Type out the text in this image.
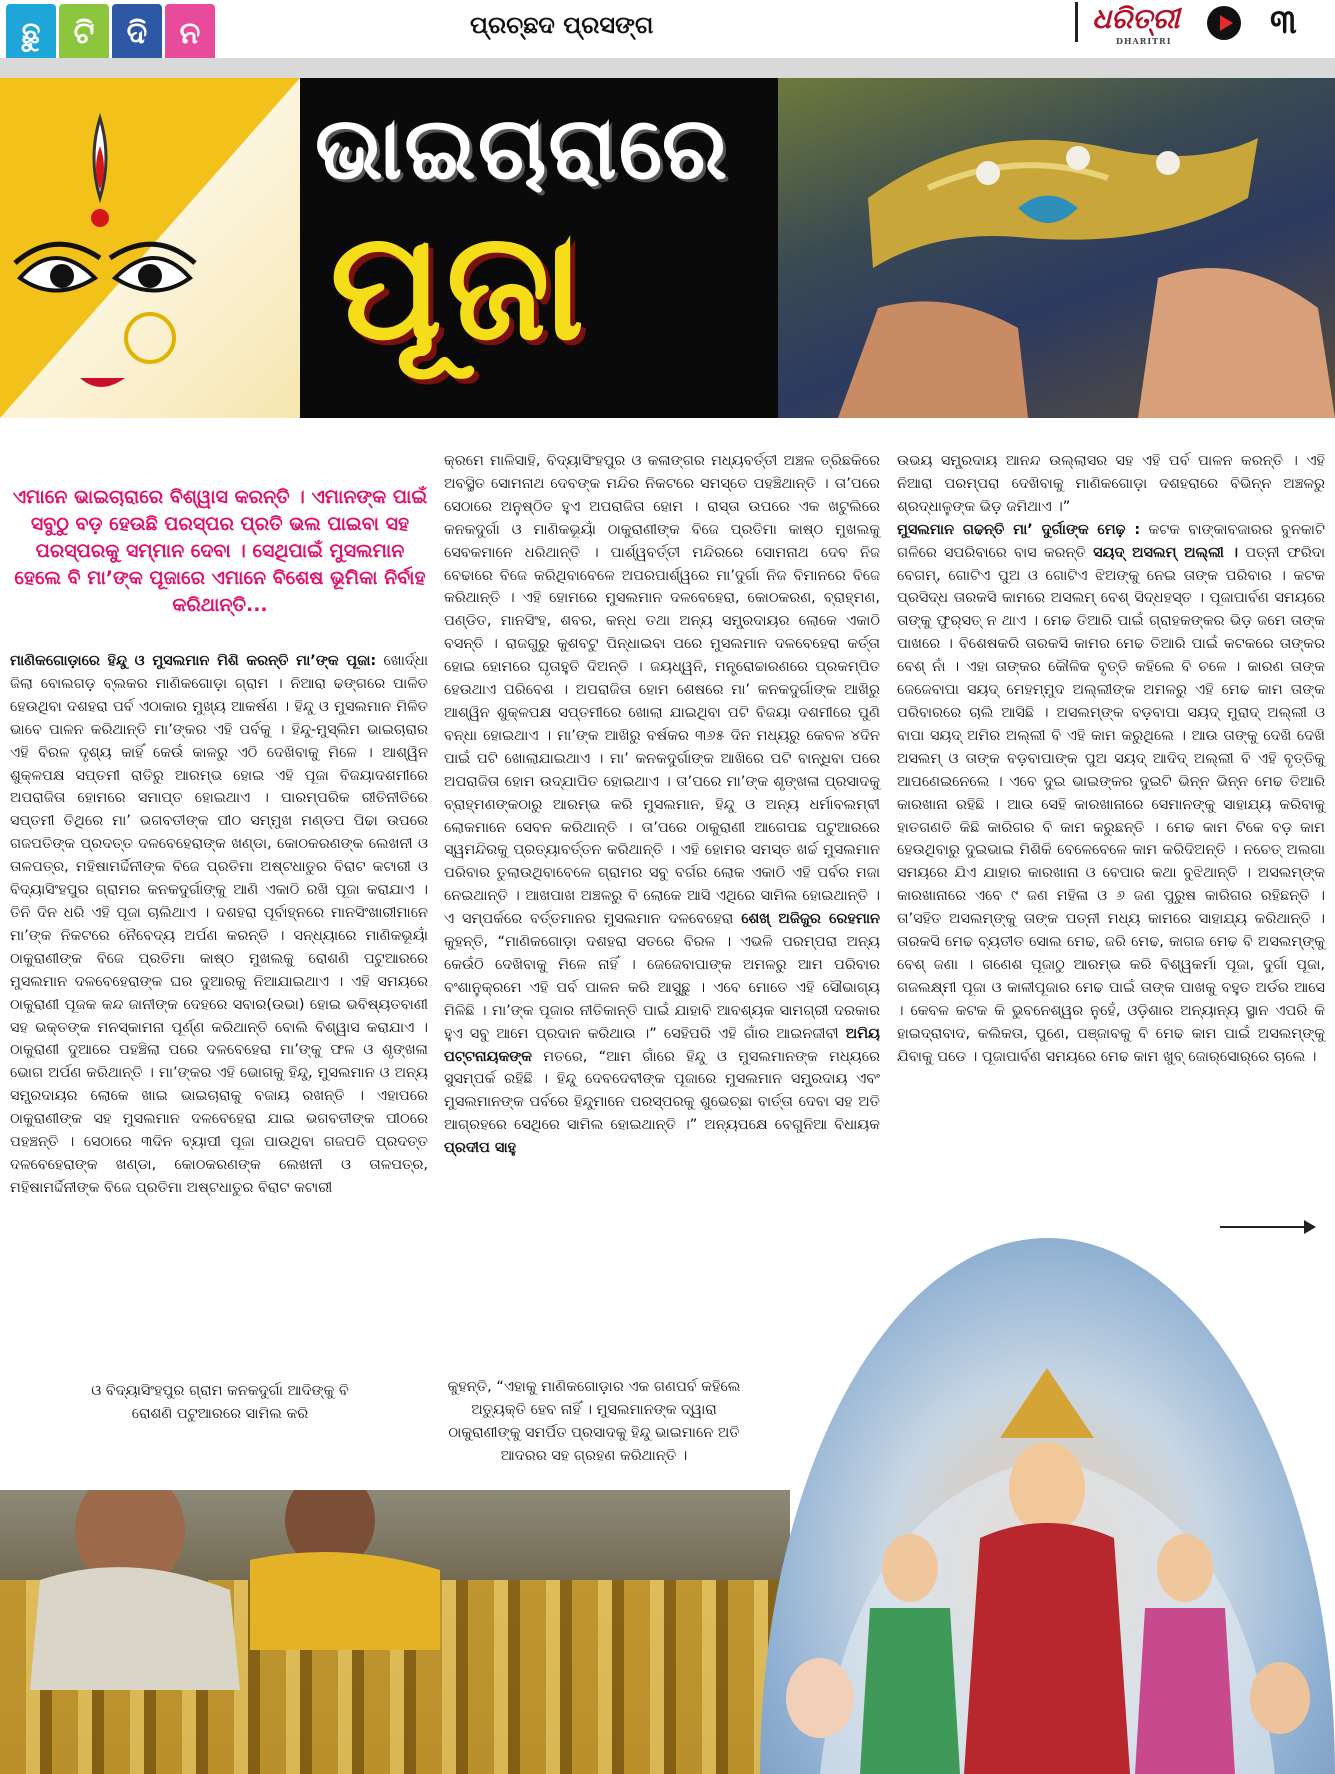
ଛୁ	ଟି	ଦି	ନ	ପ୍ରଚ୍ଛଦ ପ୍ରସଙ୍ଗ	ଧରିତ୍ରୀ
DHARITRI	୩
ଭାଇଚାରାରେ
ପୂଜା
ଏମାନେ ଭାଇଚାରାରେ ବିଶ୍ୱାସ କରନ୍ତି । ଏମାନଙ୍କ ପାଇଁ ସବୁଠୁ ବଡ଼ ହେଉଛି ପରସ୍ପର ପ୍ରତି ଭଲ ପାଇବା ସହ ପରସ୍ପରକୁ ସମ୍ମାନ ଦେବା । ସେଥିପାଇଁ ମୁସଲମାନ ହେଲେ ବି ମା’ଙ୍କ ପୂଜାରେ ଏମାନେ ବିଶେଷ ଭୂମିକା ନିର୍ବାହ କରିଥାନ୍ତି...

ମାଣିକଗୋଡ଼ାରେ ହିନ୍ଦୁ ଓ ମୁସଲମାନ ମିଶି କରନ୍ତି ମା’ଙ୍କ ପୂଜା: ଖୋର୍ଦ୍ଧା ଜିଲା ବୋଲଗଡ଼ ବ୍ଲକର ମାଣିକଗୋଡ଼ା ଗ୍ରାମ । ନିଆରା ଢଙ୍ଗରେ ପାଳିତ ହେଉଥିବା ଦଶହରା ପର୍ବ ଏଠାକାର ମୁଖ୍ୟ ଆକର୍ଷଣ । ହିନ୍ଦୁ ଓ ମୁସଲମାନ ମିଳିତ ଭାବେ ପାଳନ କରିଥାନ୍ତି ମା’ଙ୍କର ଏହି ପର୍ବକୁ । ହିନ୍ଦୁ-ମୁସ୍‌ଲିମ ଭାଇଚାରାର ଏହି ବିରଳ ଦୃଶ୍ୟ କାହିଁ କେଉଁ କାଳରୁ ଏଠି ଦେଖିବାକୁ ମିଳେ । ଆଶ୍ୱିନ ଶୁକ୍ଳପକ୍ଷ ସପ୍ତମୀ ରାତିରୁ ଆରମ୍ଭ ହୋଇ ଏହି ପୂଜା ବିଜୟାଦଶମୀରେ ଅପରାଜିତା ହୋମରେ ସମାପ୍ତ ହୋଇଥାଏ । ପାରମ୍ପରିକ ରୀତିନୀତିରେ ସପ୍ତମୀ ତିଥିରେ ମା’ ଭଗବତୀଙ୍କ ପୀଠ ସମ୍ମୁଖ ମଣ୍ଡପ ପିଢା ଉପରେ ଗଜପତିଙ୍କ ପ୍ରଦତ୍ତ ଦଳବେହେରାଙ୍କ ଖଣ୍ଡା, କୋଠକରଣଙ୍କ ଲେଖନୀ ଓ ତାଳପତ୍ର, ମହିଷାମର୍ଦ୍ଦିନୀଙ୍କ ବିଜେ ପ୍ରତିମା ଅଷ୍ଟଧାତୁର ବିରାଟ କଟାରୀ ଓ ବିଦ୍ୟାସିଂହପୁର ଗ୍ରାମର କନକଦୁର୍ଗାଙ୍କୁ ଆଣି ଏକାଠି ରଖି ପୂଜା କରାଯାଏ । ତିନି ଦିନ ଧରି ଏହି ପୂଜା ଚାଲିଥାଏ । ଦଶହରା ପୂର୍ବାହ୍ନରେ ମାନସିଂଖାରୀମାନେ ମା’ଙ୍କ ନିକଟରେ ନୈବେଦ୍ୟ ଅର୍ପଣ କରନ୍ତି । ସନ୍ଧ୍ୟାରେ ମାଣିକଭୂୟାଁ ଠାକୁରାଣୀଙ୍କ ବିଜେ ପ୍ରତିମା କାଷ୍ଠ ମୁଖଲକୁ ରୋଶଣି ପଟୁଆରରେ ମୁସଲମାନ ଦଳବେହେରାଙ୍କ ଘର ଦୁଆରକୁ ନିଆଯାଇଥାଏ । ଏହି ସମୟରେ ଠାକୁରାଣୀ ପୂଜକ କନ୍ଦ ଜାନୀଙ୍କ ଦେହରେ ସବାର(ଉଭା) ହୋଇ ଭବିଷ୍ୟତବାଣୀ ସହ ଭକ୍ତଙ୍କ ମନସ୍କାମନା ପୂର୍ଣ୍ଣ କରିଥାନ୍ତି ବୋଲି ବିଶ୍ୱାସ କରାଯାଏ । ଠାକୁରାଣୀ ଦୁଆରେ ପହଞ୍ଚିଲା ପରେ ଦଳବେହେରା ମା’ଙ୍କୁ ଫଳ ଓ ଶୃଙ୍ଖଳା ଭୋଗ ଅର୍ପଣ କରିଥାନ୍ତି । ମା’ଙ୍କର ଏହି ଭୋଗକୁ ହିନ୍ଦୁ, ମୁସଲମାନ ଓ ଅନ୍ୟ ସମ୍ପ୍ରଦାୟର ଲୋକେ ଖାଇ ଭାଇଚାରାକୁ ବଜାୟ ରଖନ୍ତି । ଏହାପରେ ଠାକୁରାଣୀଙ୍କ ସହ ମୁସଲମାନ ଦଳବେହେରା ଯାଇ ଭଗବତୀଙ୍କ ପୀଠରେ ପହଞ୍ଚନ୍ତି । ସେଠାରେ ୩ଦିନ ବ୍ୟାପୀ ପୂଜା ପାଉଥିବା ଗଜପତି ପ୍ରଦତ୍ତ ଦଳବେହେରାଙ୍କ ଖଣ୍ଡା, କୋଠକରଣଙ୍କ ଲେଖନୀ ଓ ତାଳପତ୍ର, ମହିଷାମର୍ଦ୍ଦିନୀଙ୍କ ବିଜେ ପ୍ରତିମା ଅଷ୍ଟଧାତୁର ବିରାଟ କଟାରୀ

ଓ ବିଦ୍ୟାସିଂହପୁର ଗ୍ରାମ କନକଦୁର୍ଗା ଆଦିଙ୍କୁ ବି ରୋଶଣି ପଟୁଆରରେ ସାମିଲ କରି

କ୍ରମେ ମାଳିସାହି, ବିଦ୍ୟାସିଂହପୁର ଓ କଳାଙ୍ଗର ମଧ୍ୟବର୍ତ୍ତୀ ଅଞ୍ଚଳ ତ୍ରିଛକିରେ ଅବସ୍ଥିତ ସୋମନାଥ ଦେବଙ୍କ ମନ୍ଦିର ନିକଟରେ ସମସ୍ତେ ପହଞ୍ଚିଥାନ୍ତି । ତା’ପରେ ସେଠାରେ ଅନୁଷ୍ଠିତ ହୁଏ ଅପରାଜିତା ହୋମ । ରାସ୍ତା ଉପରେ ଏକ ଖଟୁଲିରେ କନକଦୁର୍ଗା ଓ ମାଣିକଭୂୟାଁ ଠାକୁରାଣୀଙ୍କ ବିଜେ ପ୍ରତିମା କାଷ୍ଠ ମୁଖଲକୁ ସେବକମାନେ ଧରିଥାନ୍ତି । ପାର୍ଶ୍ୱବର୍ତ୍ତୀ ମନ୍ଦିରରେ ସୋମନାଥ ଦେବ ନିଜ ବେଢାରେ ବିଜେ କରିଥିବାବେଳେ ଅପରପାର୍ଶ୍ୱରେ ମା’ଦୁର୍ଗା ନିଜ ବିମାନରେ ବିଜେ କରିଥାନ୍ତି । ଏହି ହୋମରେ ମୁସଲମାନ ଦଳବେହେରା, କୋଠକରଣ, ବ୍ରାହ୍ମଣ, ପଣ୍ଡିତ, ମାନସିଂହ, ଶବର, କନ୍ଧ ତଥା ଅନ୍ୟ ସମ୍ପ୍ରଦାୟର ଲୋକେ ଏକାଠି ବସନ୍ତି । ରାଜଗୁରୁ କୁଶବଟୁ ପିନ୍ଧାଇବା ପରେ ମୁସଲମାନ ଦଳବେହେରା କର୍ତ୍ତା ହୋଇ ହୋମରେ ଘୃତାହୁତି ଦିଅନ୍ତି । ଜୟଧ୍ୱନି, ମନ୍ତ୍ରୋଚ୍ଚାରଣରେ ପ୍ରକମ୍ପିତ ହେଉଥାଏ ପରିବେଶ । ଅପରାଜିତା ହୋମ ଶେଷରେ ମା’ କନକଦୁର୍ଗାଙ୍କ ଆଖିରୁ ଆଶ୍ୱିନ ଶୁକ୍ଳପକ୍ଷ ସପ୍ତମୀରେ ଖୋଲା ଯାଇଥିବା ପଟି ବିଜୟା ଦଶମୀରେ ପୁଣି ବନ୍ଧା ହୋଇଥାଏ । ମା’ଙ୍କ ଆଖିରୁ ବର୍ଷକର ୩୬୫ ଦିନ ମଧ୍ୟରୁ କେବଳ ୪ଦିନ ପାଇଁ ପଟି ଖୋଲାଯାଇଥାଏ । ମା’ କନକଦୁର୍ଗାଙ୍କ ଆଖିରେ ପଟି ବାନ୍ଧିବା ପରେ ଅପରାଜିତା ହୋମ ଉଦ୍‌ଯାପିତ ହୋଇଥାଏ । ତା’ପରେ ମା’ଙ୍କ ଶୃଙ୍ଖଳା ପ୍ରସାଦକୁ ବ୍ରାହ୍ମଣଙ୍କଠାରୁ ଆରମ୍ଭ କରି ମୁସଲମାନ, ହିନ୍ଦୁ ଓ ଅନ୍ୟ ଧର୍ମାବଲମ୍ବୀ ଲୋକମାନେ ସେବନ କରିଥାନ୍ତି । ତା’ପରେ ଠାକୁରାଣୀ ଆଗେପଛ ପଟୁଆରରେ ସ୍ୱମନ୍ଦିରକୁ ପ୍ରତ୍ୟାବର୍ତ୍ତନ କରିଥାନ୍ତି । ଏହି ହୋମର ସମସ୍ତ ଖର୍ଚ୍ଚ ମୁସଲମାନ ପରିବାର ତୁଲାଉଥିବାବେଳେ ଗ୍ରାମର ସବୁ ବର୍ଗର ଲୋକ ଏକାଠି ଏହି ପର୍ବର ମଜା ନେଇଥାନ୍ତି । ଆଖପାଖ ଅଞ୍ଚଳରୁ ବି ଲୋକେ ଆସି ଏଥିରେ ସାମିଲ ହୋଇଥାନ୍ତି । ଏ ସମ୍ପର୍କରେ ବର୍ତ୍ତମାନର ମୁସଲମାନ ଦଳବେହେରା ଶେଖ୍ ଅଜିଜୁର ରେହମାନ କୁହନ୍ତି, “ମାଣିକଗୋଡ଼ା ଦଶହରା ସତରେ ବିରଳ । ଏଭଳି ପରମ୍ପରା ଅନ୍ୟ କେଉଁଠି ଦେଖିବାକୁ ମିଳେ ନାହିଁ । ଜେଜେବାପାଙ୍କ ଅମଳରୁ ଆମ ପରିବାର ବଂଶାନୁକ୍ରମେ ଏହି ପର୍ବ ପାଳନ କରି ଆସୁଛୁ । ଏବେ ମୋତେ ଏହି ସୌଭାଗ୍ୟ ମିଳିଛି । ମା’ଙ୍କ ପୂଜାର ନୀତିକାନ୍ତି ପାଇଁ ଯାହାବି ଆବଶ୍ୟକ ସାମଗ୍ରୀ ଦରକାର ହୁଏ ସବୁ ଆମେ ପ୍ରଦାନ କରିଥାଉ ।” ସେହିପରି ଏହି ଗାଁର ଆଇନଜୀବୀ ଅମିୟ ପଟ୍ଟନାୟକଙ୍କ ମତରେ, “ଆମ ଗାଁରେ ହିନ୍ଦୁ ଓ ମୁସଲମାନଙ୍କ ମଧ୍ୟରେ ସୁସମ୍ପର୍କ ରହିଛି । ହିନ୍ଦୁ ଦେବଦେବୀଙ୍କ ପୂଜାରେ ମୁସଲମାନ ସମ୍ପ୍ରଦାୟ ଏବଂ ମୁସଲମାନଙ୍କ ପର୍ବରେ ହିନ୍ଦୁମାନେ ପରସ୍ପରକୁ ଶୁଭେଚ୍ଛା ବାର୍ତ୍ତା ଦେବା ସହ ଅତି ଆଗ୍ରହରେ ସେଥିରେ ସାମିଲ ହୋଇଥାନ୍ତି ।” ଅନ୍ୟପକ୍ଷେ ବେଗୁନିଆ ବିଧାୟକ ପ୍ରଦୀପ ସାହୁ

କୁହନ୍ତି, “ଏହାକୁ ମାଣିକଗୋଡ଼ାର ଏକ ଗଣପର୍ବ କହିଲେ ଅତ୍ୟୁକ୍ତି ହେବ ନାହିଁ । ମୁସଲମାନଙ୍କ ଦ୍ୱାରା ଠାକୁରାଣୀଙ୍କୁ ସମର୍ପିତ ପ୍ରସାଦକୁ ହିନ୍ଦୁ ଭାଇମାନେ ଅତି ଆଦରର ସହ ଗ୍ରହଣ କରିଥାନ୍ତି ।

ଉଭୟ ସମ୍ପ୍ରଦାୟ ଆନନ୍ଦ ଉଲ୍ଲାସର ସହ ଏହି ପର୍ବ ପାଳନ କରନ୍ତି । ଏହି ନିଆରା ପରମ୍ପରା ଦେଖିବାକୁ ମାଣିକଗୋଡ଼ା ଦଶହରାରେ ବିଭିନ୍ନ ଅଞ୍ଚଳରୁ ଶ୍ରଦ୍ଧାଳୁଙ୍କ ଭିଡ଼ ଜମିଥାଏ ।”

ମୁସଲମାନ ଗଢନ୍ତି ମା’ ଦୁର୍ଗାଙ୍କ ମେଢ଼ : କଟକ ବାଙ୍କାବଜାରର ବୁନକାଟି ଗଳିରେ ସପରିବାରେ ବାସ କରନ୍ତି ସୟଦ୍ ଅସଲମ୍ ଅଲ୍ଲୀ । ପତ୍ନୀ ଫରିଦା ବେଗମ୍, ଗୋଟିଏ ପୁଅ ଓ ଗୋଟିଏ ଝିଅଙ୍କୁ ନେଇ ତାଙ୍କ ପରିବାର । କଟକ ପ୍ରସିଦ୍ଧ ତାରକସି କାମରେ ଅସଲମ୍ ବେଶ୍ ସିଦ୍ଧହସ୍ତ । ପୂଜାପାର୍ବଣ ସମୟରେ ତାଙ୍କୁ ଫୁର୍‌ସତ୍ ନ ଥାଏ । ମେଢ ତିଆରି ପାଇଁ ଗ୍ରାହକଙ୍କର ଭିଡ଼ ଜମେ ତାଙ୍କ ପାଖରେ । ବିଶେଷକରି ତାରକସି କାମର ମେଢ ତିଆରି ପାଇଁ କଟକରେ ତାଙ୍କର ବେଶ୍ ନାଁ । ଏହା ତାଙ୍କର କୌଳିକ ବୃତ୍ତି କହିଲେ ବି ଚଳେ । କାରଣ ତାଙ୍କ ଜେଜେବାପା ସୟଦ୍ ମେହମ୍ମୁଦ ଅଲ୍ଲୀଙ୍କ ଅମଳରୁ ଏହି ମେଢ କାମ ତାଙ୍କ ପରିବାରରେ ଚାଲି ଆସିଛି । ଅସଲମ୍‌ଙ୍କ ବଡ଼ବାପା ସୟଦ୍ ମୁରାଦ୍ ଅଲ୍ଲୀ ଓ ବାପା ସୟଦ୍ ଅମିର ଅଲ୍ଲୀ ବି ଏହି କାମ କରୁଥିଲେ । ଆଉ ତାଙ୍କୁ ଦେଖି ଦେଖି ଅସଲମ୍ ଓ ତାଙ୍କ ବଡ଼ବାପାଙ୍କ ପୁଅ ସୟଦ୍ ଆଦିଦ୍ ଅଲ୍ଲୀ ବି ଏହି ବୃତ୍ତିକୁ ଆପଣେଇନେଲେ । ଏବେ ଦୁଇ ଭାଇଙ୍କର ଦୁଇଟି ଭିନ୍ନ ଭିନ୍ନ ମେଢ ତିଆରି କାରଖାନା ରହିଛି । ଆଉ ସେହି କାରଖାନାରେ ସେମାନଙ୍କୁ ସାହାଯ୍ୟ କରିବାକୁ ହାତଗଣତି କିଛି କାରିଗର ବି କାମ କରୁଛନ୍ତି । ମେଢ କାମ ଟିକେ ବଡ଼ କାମ ହେଉଥିବାରୁ ଦୁଇଭାଇ ମିଶିକି ବେଳେବେଳେ କାମ କରିଦିଅନ୍ତି । ନଚେତ୍ ଅଲଗା ସମୟରେ ଯିଏ ଯାହାର କାରଖାନା ଓ ବେପାର କଥା ବୁଝିଥାନ୍ତି । ଅସଲମ୍‌ଙ୍କ କାରଖାନାରେ ଏବେ ୯ ଜଣ ମହିଳା ଓ ୬ ଜଣ ପୁରୁଷ କାରିଗର ରହିଛନ୍ତି । ତା’ସହିତ ଅସଲମ୍‌ଙ୍କୁ ତାଙ୍କ ପତ୍ନୀ ମଧ୍ୟ କାମରେ ସାହାଯ୍ୟ କରିଥାନ୍ତି । ତାରକସି ମେଢ ବ୍ୟତୀତ ସୋଲ ମେଢ, ଜରି ମେଢ, କାଗଜ ମେଢ ବି ଅସଲମ୍‌ଙ୍କୁ ବେଶ୍ ଜଣା । ଗଣେଶ ପୂଜାଠୁ ଆରମ୍ଭ କରି ବିଶ୍ୱକର୍ମା ପୂଜା, ଦୁର୍ଗା ପୂଜା, ଗଜଲକ୍ଷ୍ମୀ ପୂଜା ଓ କାଳୀପୂଜାର ମେଢ ପାଇଁ ତାଙ୍କ ପାଖକୁ ବହୁତ ଅର୍ଡର ଆସେ । କେବଳ କଟକ କି ଭୁବନେଶ୍ୱର ନୁହେଁ, ଓଡ଼ିଶାର ଅନ୍ୟାନ୍ୟ ସ୍ଥାନ ଏପରି କି ହାଇଦ୍ରାବାଦ, କଲିକତା, ପୁଣେ, ପଞ୍ଜାବକୁ ବି ମେଢ କାମ ପାଇଁ ଅସଲମ୍‌ଙ୍କୁ ଯିବାକୁ ପଡେ । ପୂଜାପାର୍ବଣ ସମୟରେ ମେଢ କାମ ଖୁବ୍ ଜୋର୍‌ସୋର୍‌ରେ ଚାଲେ ।
